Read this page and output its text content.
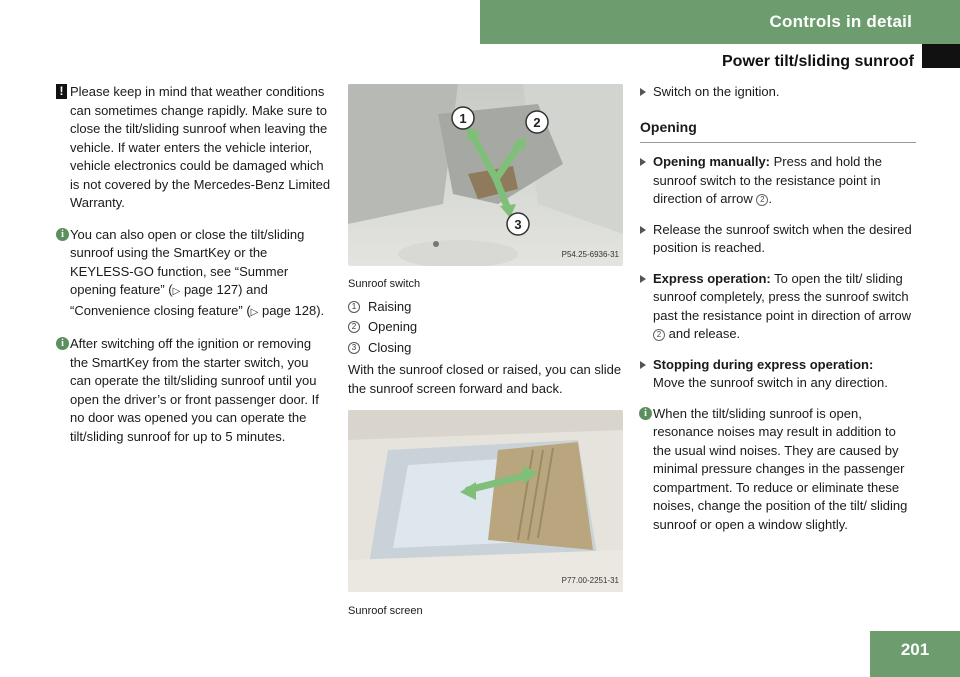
Controls in detail
Power tilt/sliding sunroof
! Please keep in mind that weather conditions can sometimes change rapidly. Make sure to close the tilt/sliding sunroof when leaving the vehicle. If water enters the vehicle interior, vehicle electronics could be damaged which is not covered by the Mercedes-Benz Limited Warranty.
i You can also open or close the tilt/sliding sunroof using the SmartKey or the KEYLESS-GO function, see “Summer opening feature” (▷ page 127) and “Convenience closing feature” (▷ page 128).
i After switching off the ignition or removing the SmartKey from the starter switch, you can operate the tilt/sliding sunroof until you open the driver’s or front passenger door. If no door was opened you can operate the tilt/sliding sunroof for up to 5 minutes.
1	2
3
P54.25-6936-31
Sunroof switch
1 Raising
2 Opening
3 Closing
With the sunroof closed or raised, you can slide the sunroof screen forward and back.
P77.00-2251-31
Sunroof screen
Switch on the ignition.
Opening
Opening manually: Press and hold the sunroof switch to the resistance point in direction of arrow 2 .
Release the sunroof switch when the desired position is reached.
Express operation: To open the tilt/ sliding sunroof completely, press the sunroof switch past the resistance point in direction of arrow 2 and release.
Stopping during express operation:
Move the sunroof switch in any direction.
i When the tilt/sliding sunroof is open, resonance noises may result in addition to the usual wind noises. They are caused by minimal pressure changes in the passenger compartment. To reduce or eliminate these noises, change the position of the tilt/ sliding sunroof or open a window slightly.
201
